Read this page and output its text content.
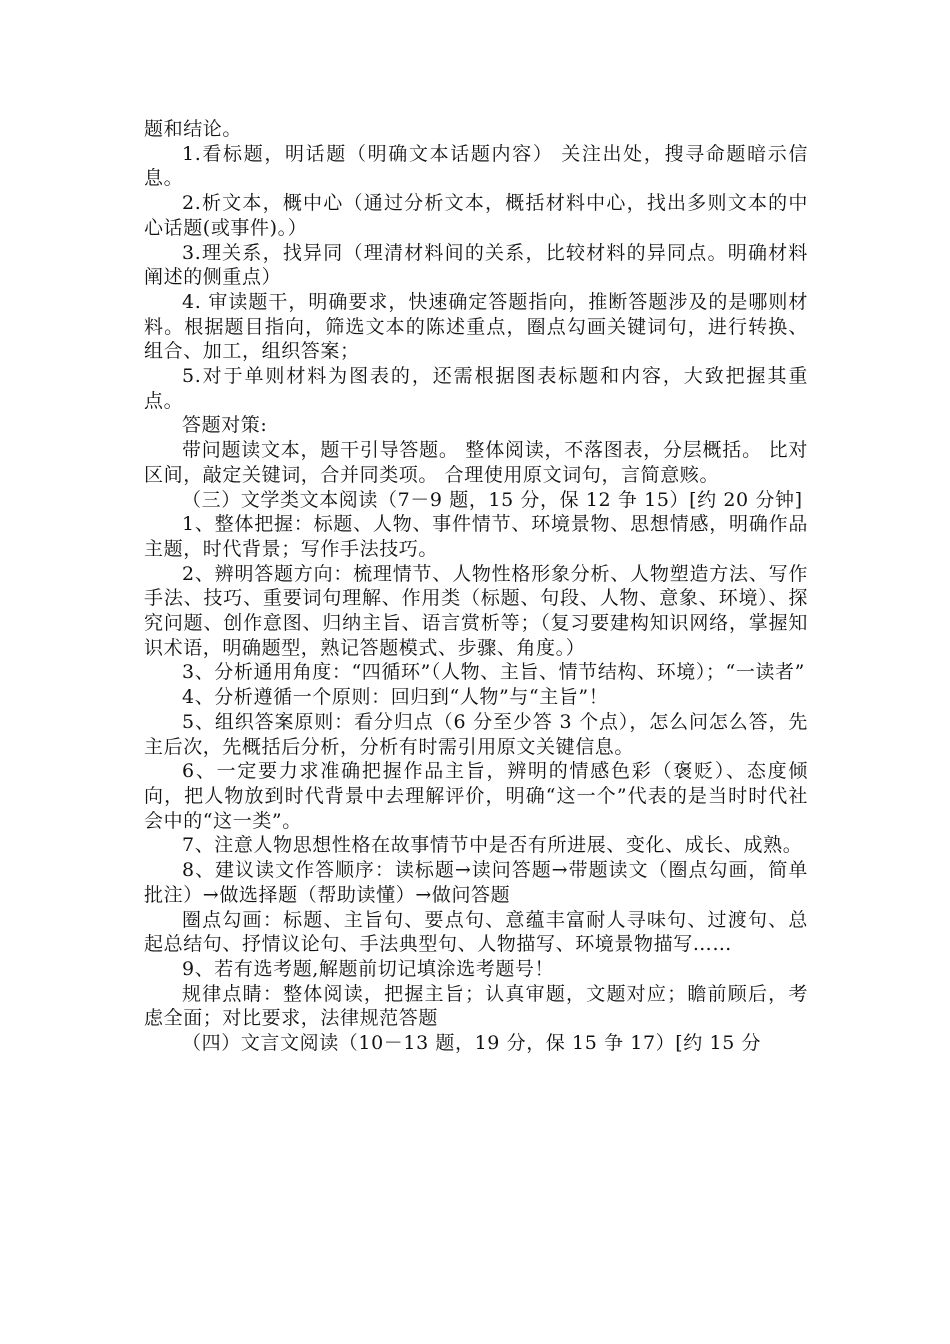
题和结论。

1.看标题，明话题（明确文本话题内容） 关注出处，搜寻命题暗示信息。

2.析文本，概中心（通过分析文本，概括材料中心，找出多则文本的中心话题(或事件)。）

3.理关系，找异同（理清材料间的关系，比较材料的异同点。明确材料阐述的侧重点）

4. 审读题干，明确要求，快速确定答题指向，推断答题涉及的是哪则材料。根据题目指向，筛选文本的陈述重点，圈点勾画关键词句，进行转换、组合、加工，组织答案；

5.对于单则材料为图表的，还需根据图表标题和内容，大致把握其重点。

答题对策:

带问题读文本，题干引导答题。 整体阅读，不落图表，分层概括。 比对区间，敲定关键词，合并同类项。 合理使用原文词句，言简意赅。

（三）文学类文本阅读（7－9 题，15 分，保 12 争 15）[约 20 分钟]

1、整体把握：标题、人物、事件情节、环境景物、思想情感，明确作品主题，时代背景；写作手法技巧。

2、辨明答题方向：梳理情节、人物性格形象分析、人物塑造方法、写作手法、技巧、重要词句理解、作用类（标题、句段、人物、意象、环境）、探究问题、创作意图、归纳主旨、语言赏析等；（复习要建构知识网络，掌握知识术语，明确题型，熟记答题模式、步骤、角度。）

3、分析通用角度：“四循环”（人物、主旨、情节结构、环境）；“一读者”

4、分析遵循一个原则：回归到“人物”与“主旨”！

5、组织答案原则：看分归点（6 分至少答 3 个点），怎么问怎么答，先主后次，先概括后分析，分析有时需引用原文关键信息。

6、一定要力求准确把握作品主旨，辨明的情感色彩（褒贬）、态度倾向，把人物放到时代背景中去理解评价，明确“这一个”代表的是当时时代社会中的“这一类”。

7、注意人物思想性格在故事情节中是否有所进展、变化、成长、成熟。

8、建议读文作答顺序：读标题→读问答题→带题读文（圈点勾画，简单批注）→做选择题（帮助读懂）→做问答题

圈点勾画：标题、主旨句、要点句、意蕴丰富耐人寻味句、过渡句、总起总结句、抒情议论句、手法典型句、人物描写、环境景物描写……

9、若有选考题,解题前切记填涂选考题号！

规律点睛：整体阅读，把握主旨；认真审题，文题对应；瞻前顾后，考虑全面；对比要求，法律规范答题

（四）文言文阅读（10－13 题，19 分，保 15 争 17）[约 15 分
